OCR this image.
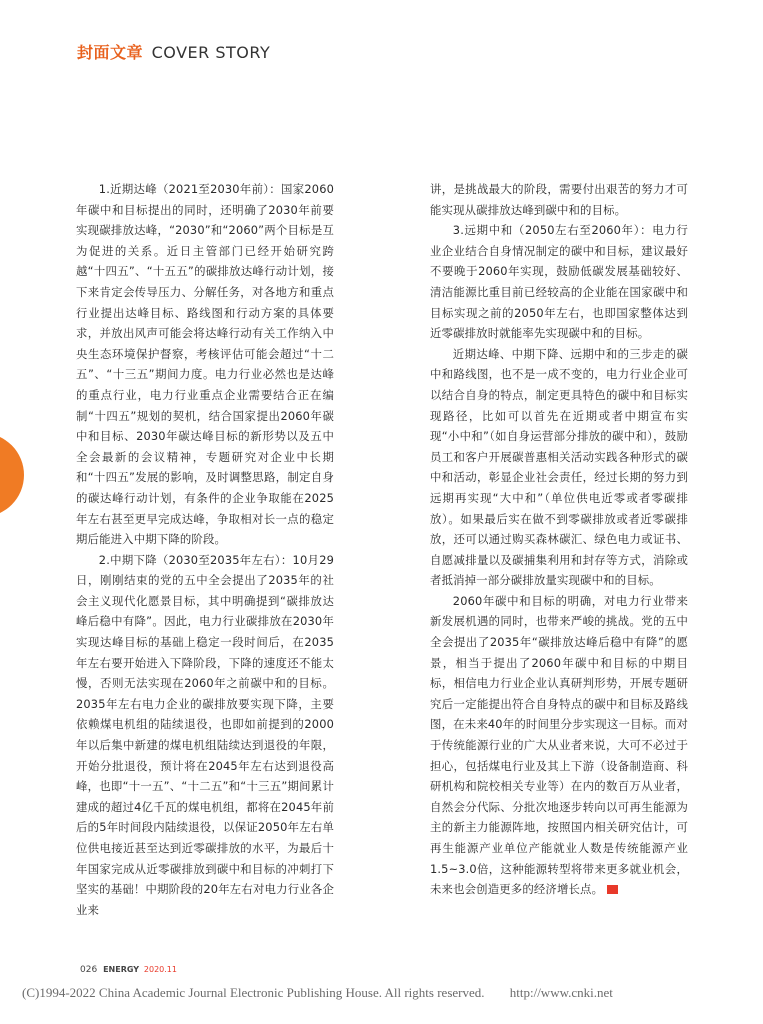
封面文章 COVER STORY

1.近期达峰（2021至2030年前）：国家2060年碳中和目标提出的同时，还明确了2030年前要实现碳排放达峰，“2030”和“2060”两个目标是互为促进的关系。近日主管部门已经开始研究跨越“十四五”、“十五五”的碳排放达峰行动计划，接下来肯定会传导压力、分解任务，对各地方和重点行业提出达峰目标、路线图和行动方案的具体要求，并放出风声可能会将达峰行动有关工作纳入中央生态环境保护督察，考核评估可能会超过“十二五”、“十三五”期间力度。电力行业必然也是达峰的重点行业，电力行业重点企业需要结合正在编制“十四五”规划的契机，结合国家提出2060年碳中和目标、2030年碳达峰目标的新形势以及五中全会最新的会议精神，专题研究对企业中长期和“十四五”发展的影响，及时调整思路，制定自身的碳达峰行动计划，有条件的企业争取能在2025年左右甚至更早完成达峰，争取相对长一点的稳定期后能进入中期下降的阶段。

2.中期下降（2030至2035年左右）：10月29日，刚刚结束的党的五中全会提出了2035年的社会主义现代化愿景目标，其中明确提到“碳排放达峰后稳中有降”。因此，电力行业碳排放在2030年实现达峰目标的基础上稳定一段时间后，在2035年左右要开始进入下降阶段，下降的速度还不能太慢，否则无法实现在2060年之前碳中和的目标。2035年左右电力企业的碳排放要实现下降，主要依赖煤电机组的陆续退役，也即如前提到的2000年以后集中新建的煤电机组陆续达到退役的年限，开始分批退役，预计将在2045年左右达到退役高峰，也即“十一五”、“十二五”和“十三五”期间累计建成的超过4亿千瓦的煤电机组，都将在2045年前后的5年时间段内陆续退役，以保证2050年左右单位供电接近甚至达到近零碳排放的水平，为最后十年国家完成从近零碳排放到碳中和目标的冲刺打下坚实的基础！中期阶段的20年左右对电力行业各企业来

讲，是挑战最大的阶段，需要付出艰苦的努力才可能实现从碳排放达峰到碳中和的目标。

3.远期中和（2050左右至2060年）：电力行业企业结合自身情况制定的碳中和目标，建议最好不要晚于2060年实现，鼓励低碳发展基础较好、清洁能源比重目前已经较高的企业能在国家碳中和目标实现之前的2050年左右，也即国家整体达到近零碳排放时就能率先实现碳中和的目标。

近期达峰、中期下降、远期中和的三步走的碳中和路线图，也不是一成不变的，电力行业企业可以结合自身的特点，制定更具特色的碳中和目标实现路径，比如可以首先在近期或者中期宣布实现“小中和”（如自身运营部分排放的碳中和），鼓励员工和客户开展碳普惠相关活动实践各种形式的碳中和活动，彰显企业社会责任，经过长期的努力到远期再实现“大中和”（单位供电近零或者零碳排放）。如果最后实在做不到零碳排放或者近零碳排放，还可以通过购买森林碳汇、绿色电力或证书、自愿减排量以及碳捕集利用和封存等方式，消除或者抵消掉一部分碳排放量实现碳中和的目标。

2060年碳中和目标的明确，对电力行业带来新发展机遇的同时，也带来严峻的挑战。党的五中全会提出了2035年“碳排放达峰后稳中有降”的愿景，相当于提出了2060年碳中和目标的中期目标，相信电力行业企业认真研判形势，开展专题研究后一定能提出符合自身特点的碳中和目标及路线图，在未来40年的时间里分步实现这一目标。而对于传统能源行业的广大从业者来说，大可不必过于担心，包括煤电行业及其上下游（设备制造商、科研机构和院校相关专业等）在内的数百万从业者，自然会分代际、分批次地逐步转向以可再生能源为主的新主力能源阵地，按照国内相关研究估计，可再生能源产业单位产能就业人数是传统能源产业1.5~3.0倍，这种能源转型将带来更多就业机会，未来也会创造更多的经济增长点。

026 ENERGY 2020.11
(C)1994-2022 China Academic Journal Electronic Publishing House. All rights reserved. http://www.cnki.net
